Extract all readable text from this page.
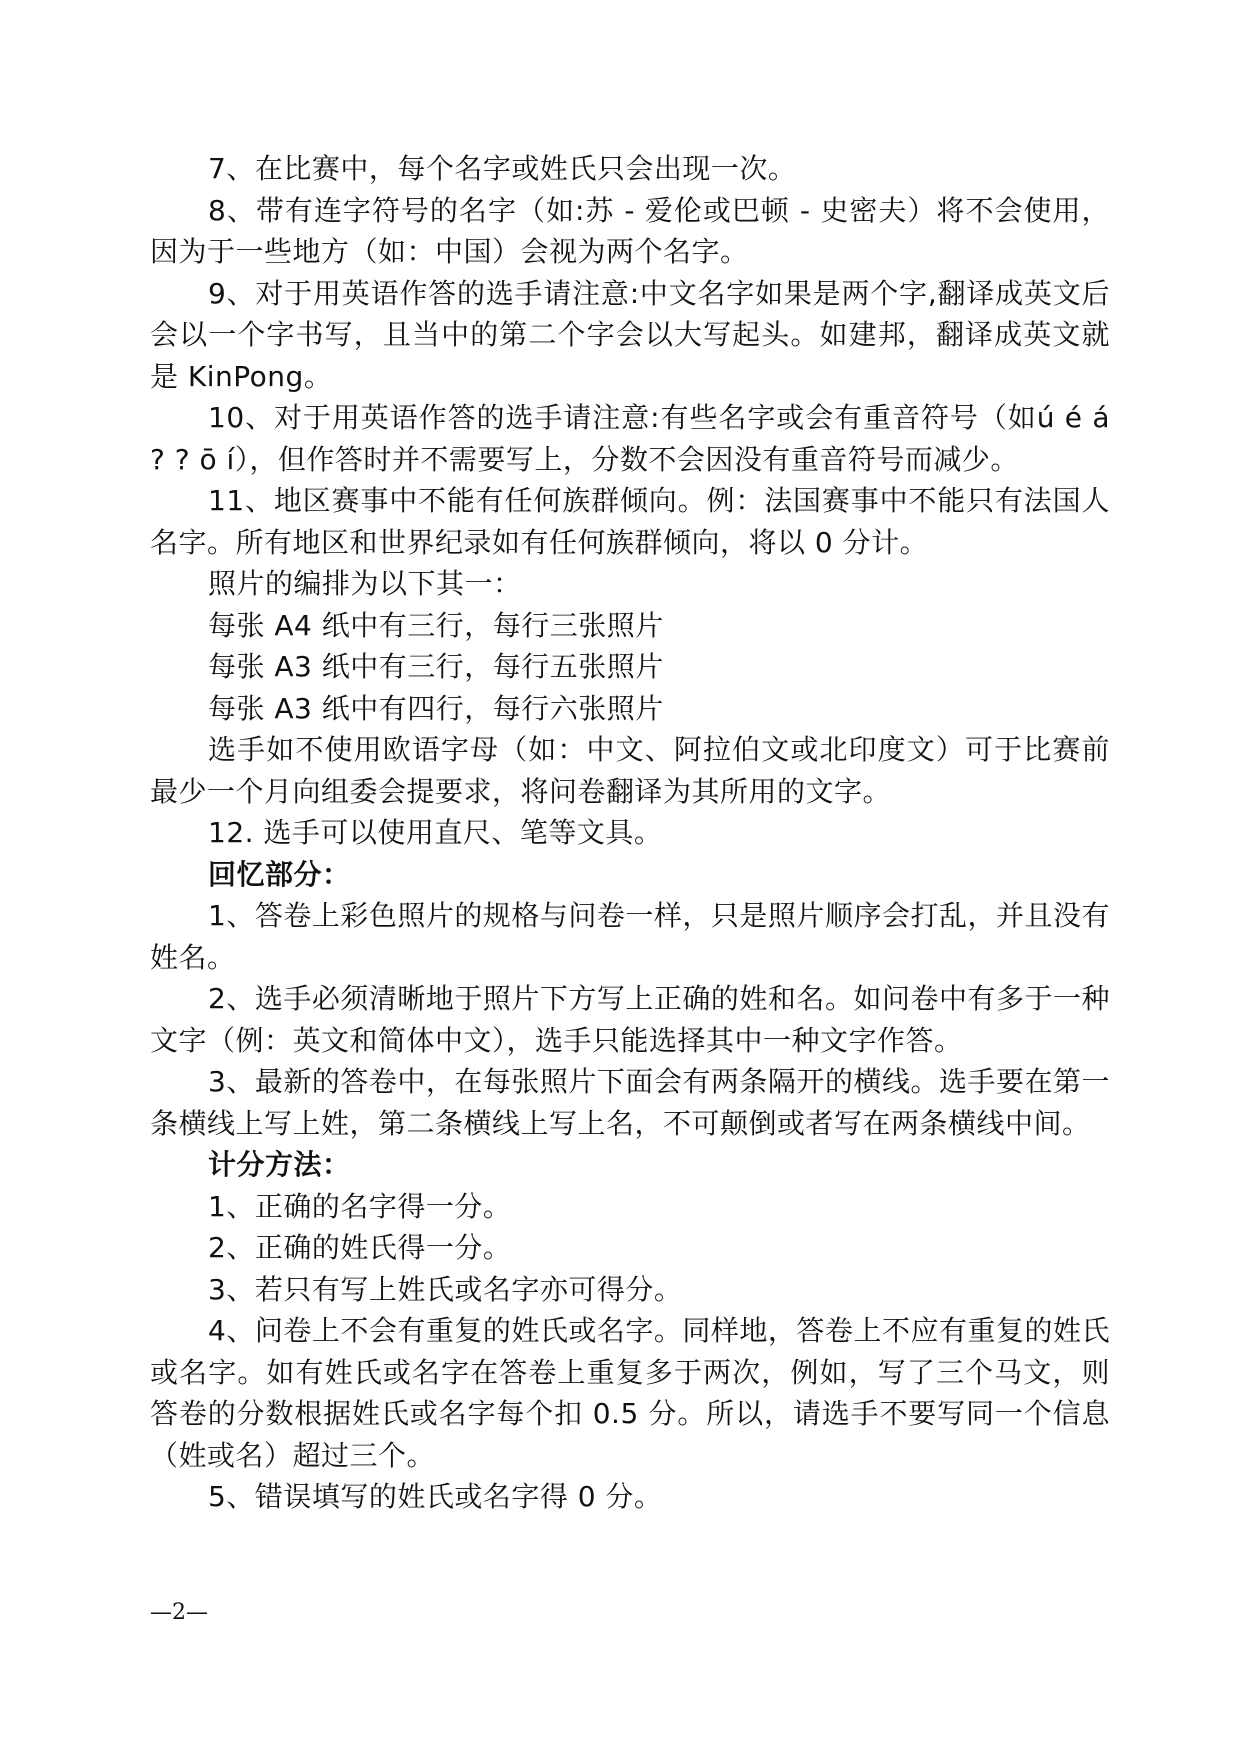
7、在比赛中，每个名字或姓氏只会出现一次。

8、带有连字符号的名字（如:苏 - 爱伦或巴顿 - 史密夫）将不会使用，因为于一些地方（如：中国）会视为两个名字。

9、对于用英语作答的选手请注意:中文名字如果是两个字,翻译成英文后会以一个字书写，且当中的第二个字会以大写起头。如建邦，翻译成英文就是 KinPong。

10、对于用英语作答的选手请注意:有些名字或会有重音符号（如ú é á ? ? ō í），但作答时并不需要写上，分数不会因没有重音符号而减少。

11、地区赛事中不能有任何族群倾向。例：法国赛事中不能只有法国人名字。所有地区和世界纪录如有任何族群倾向，将以 0 分计。

照片的编排为以下其一：

每张 A4 纸中有三行，每行三张照片

每张 A3 纸中有三行，每行五张照片

每张 A3 纸中有四行，每行六张照片

选手如不使用欧语字母（如：中文、阿拉伯文或北印度文）可于比赛前最少一个月向组委会提要求，将问卷翻译为其所用的文字。

12. 选手可以使用直尺、笔等文具。

回忆部分：

1、答卷上彩色照片的规格与问卷一样，只是照片顺序会打乱，并且没有姓名。

2、选手必须清晰地于照片下方写上正确的姓和名。如问卷中有多于一种文字（例：英文和简体中文），选手只能选择其中一种文字作答。

3、最新的答卷中，在每张照片下面会有两条隔开的横线。选手要在第一条横线上写上姓，第二条横线上写上名，不可颠倒或者写在两条横线中间。

计分方法：

1、正确的名字得一分。

2、正确的姓氏得一分。

3、若只有写上姓氏或名字亦可得分。

4、问卷上不会有重复的姓氏或名字。同样地，答卷上不应有重复的姓氏或名字。如有姓氏或名字在答卷上重复多于两次，例如，写了三个马文，则答卷的分数根据姓氏或名字每个扣 0.5 分。所以，请选手不要写同一个信息（姓或名）超过三个。

5、错误填写的姓氏或名字得 0 分。

—2—
